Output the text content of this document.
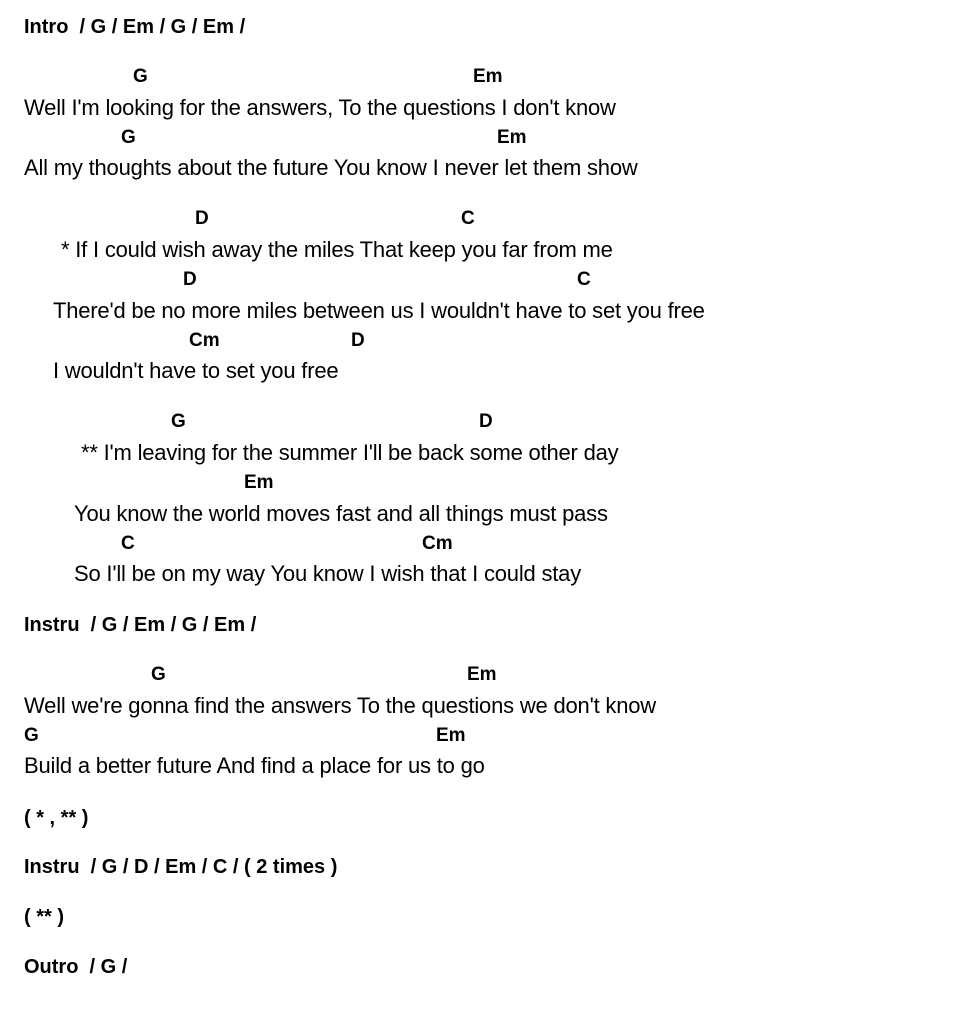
Intro  / G / Em / G / Em /
G	Em
Well I'm looking for the answers, To the questions I don't know
G	Em
All my thoughts about the future You know I never let them show
D	C
* If I could wish away the miles That keep you far from me
D	C
There'd be no more miles between us I wouldn't have to set you free
Cm	D
I wouldn't have to set you free
G	D
** I'm leaving for the summer I'll be back some other day
Em
You know the world moves fast and all things must pass
C	Cm
So I'll be on my way You know I wish that I could stay
Instru  / G / Em / G / Em /
G	Em
Well we're gonna find the answers To the questions we don't know
G	Em
Build a better future And find a place for us to go
( * , ** )
Instru  / G / D / Em / C / ( 2 times )
( ** )
Outro  / G /
